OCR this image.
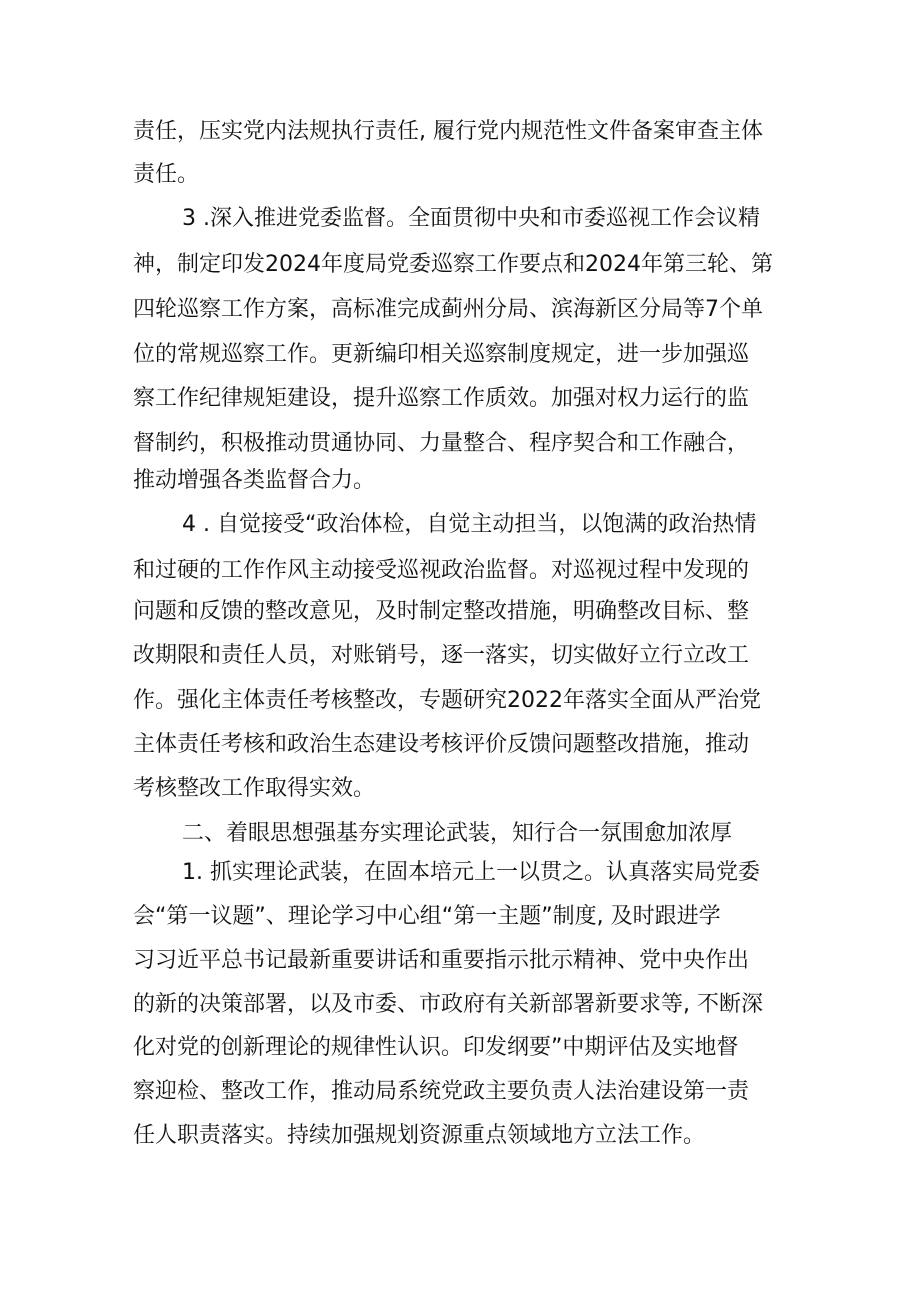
责任，压实党内法规执行责任, 履行党内规范性文件备案审查主体
责任。
3 .深入推进党委监督。全面贯彻中央和市委巡视工作会议精
神，制定印发2024年度局党委巡察工作要点和2024年第三轮、第
四轮巡察工作方案，高标准完成蓟州分局、滨海新区分局等7个单
位的常规巡察工作。更新编印相关巡察制度规定，进一步加强巡
察工作纪律规矩建设，提升巡察工作质效。加强对权力运行的监
督制约，积极推动贯通协同、力量整合、程序契合和工作融合，
推动增强各类监督合力。
4 . 自觉接受“政治体检，自觉主动担当，以饱满的政治热情
和过硬的工作作风主动接受巡视政治监督。对巡视过程中发现的
问题和反馈的整改意见，及时制定整改措施，明确整改目标、整
改期限和责任人员，对账销号，逐一落实，切实做好立行立改工
作。强化主体责任考核整改，专题研究2022年落实全面从严治党
主体责任考核和政治生态建设考核评价反馈问题整改措施，推动
考核整改工作取得实效。
二、着眼思想强基夯实理论武装，知行合一氛围愈加浓厚
1. 抓实理论武装，在固本培元上一以贯之。认真落实局党委
会“第一议题”、理论学习中心组“第一主题”制度, 及时跟进学
习习近平总书记最新重要讲话和重要指示批示精神、党中央作出
的新的决策部署，以及市委、市政府有关新部署新要求等, 不断深
化对党的创新理论的规律性认识。印发纲要”中期评估及实地督
察迎检、整改工作，推动局系统党政主要负责人法治建设第一责
任人职责落实。持续加强规划资源重点领域地方立法工作。
